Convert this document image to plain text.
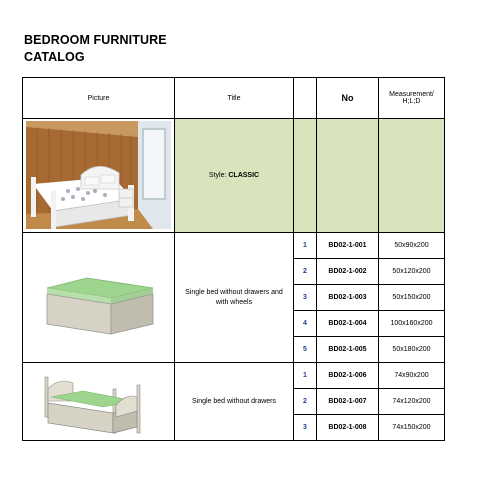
BEDROOM FURNITURE
CATALOG
Picture	Title		No	Measurement/
H;L;D

	Style: CLASSIC			

	Single bed without drawers and with wheels	1	BD02-1-001	50x90x200
		2	BD02-1-002	50x120x200
		3	BD02-1-003	50x150x200
		4	BD02-1-004	100x160x200
		5	BD02-1-005	50x180x200

	Single bed without drawers	1	BD02-1-006	74x90x200
		2	BD02-1-007	74x120x200
		3	BD02-1-008	74x150x200
